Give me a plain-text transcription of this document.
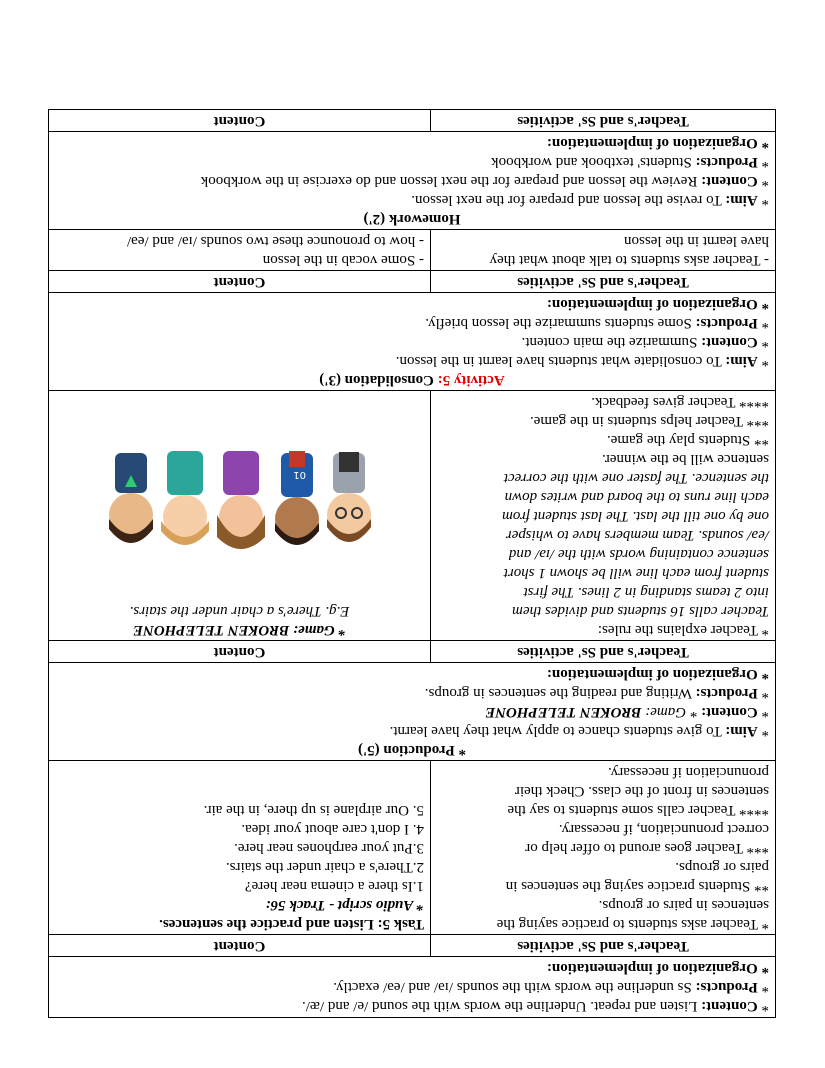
* Content: Listen and repeat. Underline the words with the sound /e/ and /æ/.
* Products: Ss underline the words with the sounds /ɪə/ and /eə/ exactly.
* Organization of implementation:
Teacher's and Ss' activities
Content
* Teacher asks students to practice saying the
sentences in pairs or groups.
** Students practice saying the sentences in
pairs or groups.
*** Teacher goes around to offer help or
correct pronunciation, if necessary.
**** Teacher calls some students to say the
sentences in front of the class. Check their
pronunciation if necessary.
Task 5: Listen and practice the sentences.
* Audio script - Track 56:
1.Is there a cinema near here?
2.There's a chair under the stairs.
3.Put your earphones near here.
4. I don't care about your idea.
5. Our airplane is up there, in the air.
* Production (5')
* Aim: To give students chance to apply what they have learnt.
* Content: * Game: BROKEN TELEPHONE
* Products: Writing and reading the sentences in groups.
* Organization of implementation:
Teacher's and Ss' activities
Content
* Teacher explains the rules:
Teacher calls 16 students and divides them
into 2 teams standing in 2 lines. The first
student from each line will be shown 1 short
sentence containing words with the /ɪə/ and
/eə/ sounds. Team members have to whisper
one by one till the last. The last student from
each line runs to the board and writes down
the sentence. The faster one with the correct
sentence will be the winner.
** Students play the game.
*** Teacher helps students in the game.
**** Teacher gives feedback.
* Game: BROKEN TELEPHONE
E.g. There's a chair under the stairs.
01
Activity 5: Consolidation (3')
* Aim: To consolidate what students have learnt in the lesson.
* Content: Summarize the main content.
* Products: Some students summarize the lesson briefly.
* Organization of implementation:
Teacher's and Ss' activities
Content
- Teacher asks students to talk about what they
have learnt in the lesson
- Some vocab in the lesson
- how to pronounce these two sounds /ɪə/ and /eə/
Homework (2')
* Aim: To revise the lesson and prepare for the next lesson.
* Content: Review the lesson and prepare for the next lesson and do exercise in the workbook
* Products: Students' textbook and workbook
* Organization of implementation:
Teacher's and Ss' activities
Content
